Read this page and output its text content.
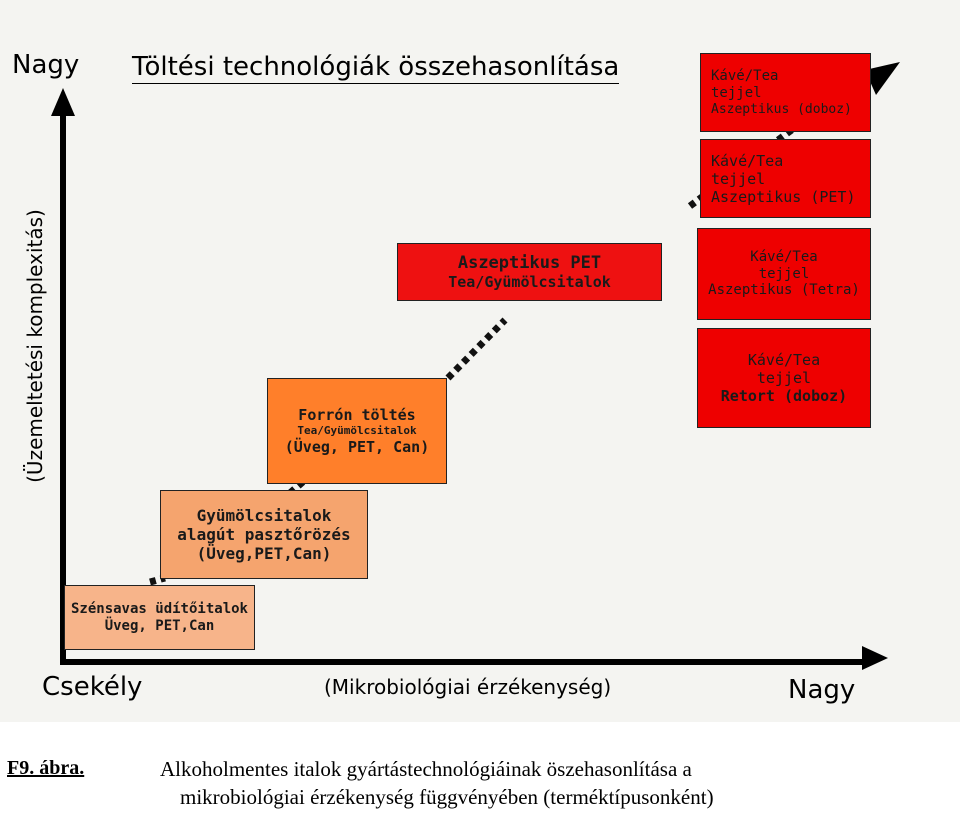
Nagy Töltési technológiák összehasonlítása
(Üzemeltetési komplexitás)
Szénsavas üdítőitalok
Üveg, PET,Can
Gyümölcsitalok
alagút pasztőrözés
(Üveg,PET,Can)
Forrón töltés
Tea/Gyümölcsitalok
(Üveg, PET, Can)
Aszeptikus PET
Tea/Gyümölcsitalok
Kávé/Tea
tejjel
Aszeptikus (doboz)
Kávé/Tea
tejjel
Aszeptikus (PET)
Kávé/Tea
tejjel
Aszeptikus (Tetra)
Kávé/Tea
tejjel
Retort (doboz)
Csekély	(Mikrobiológiai érzékenység)	Nagy
F9. ábra.	Alkoholmentes italok gyártástechnológiáinak öszehasonlítása a
mikrobiológiai érzékenység függvényében (terméktípusonként)
